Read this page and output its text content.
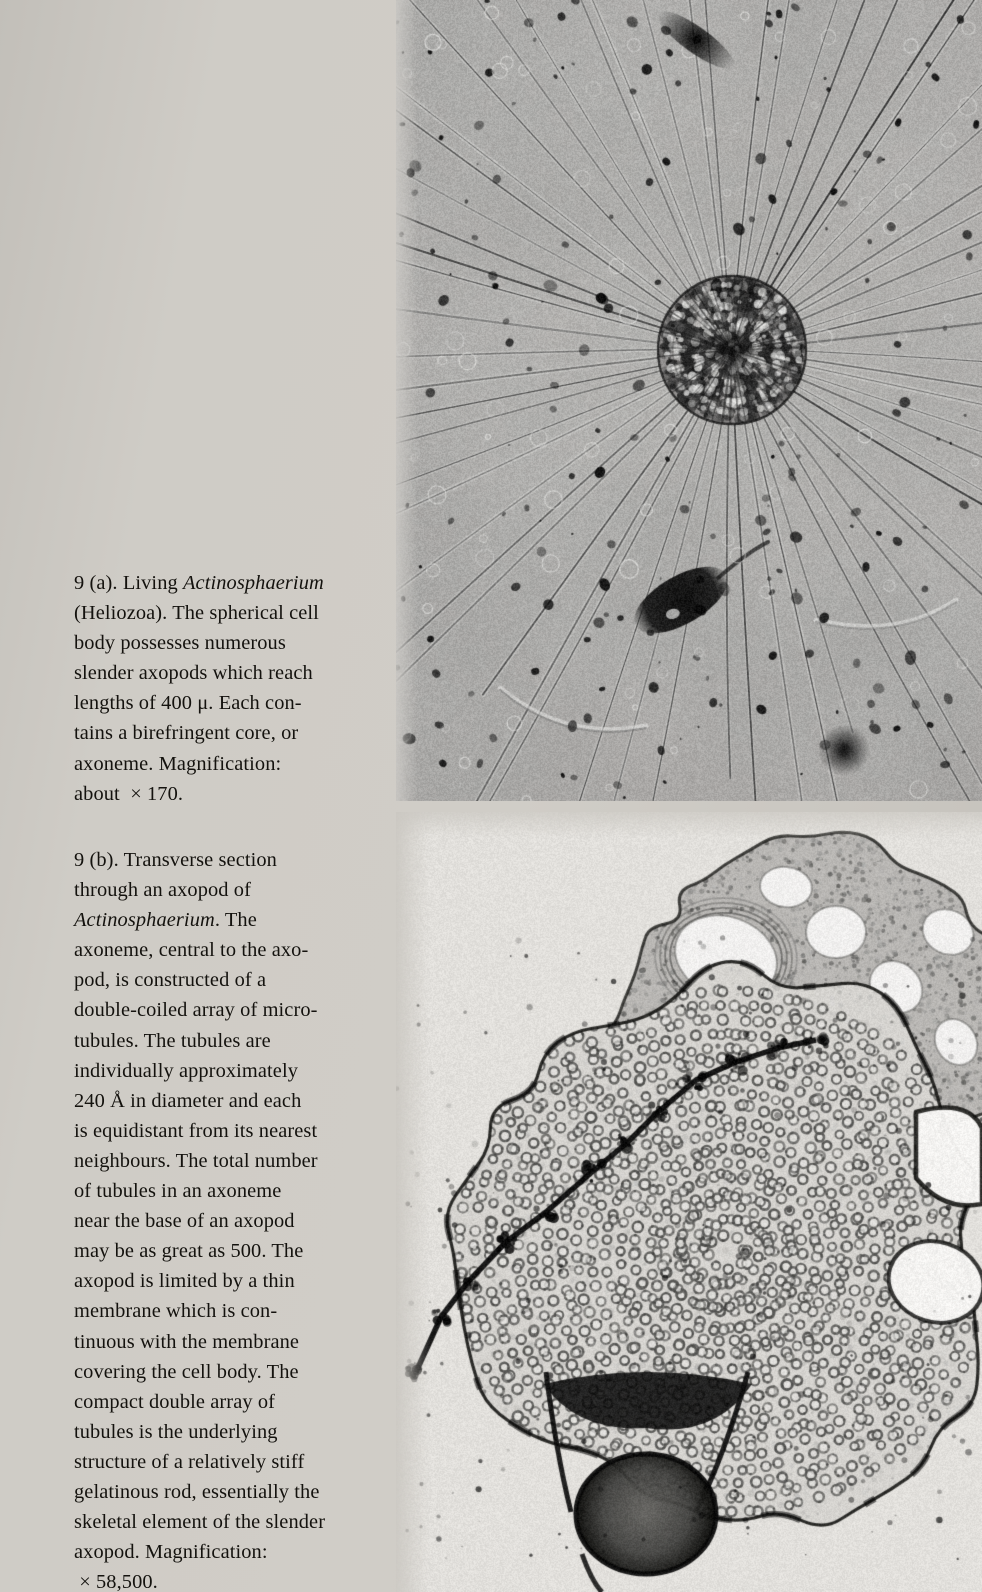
9 (a). Living Actinosphaerium
(Heliozoa). The spherical cell
body possesses numerous
slender axopods which reach
lengths of 400 μ. Each con-
tains a birefringent core, or
axoneme. Magnification:
about  × 170.
9 (b). Transverse section
through an axopod of
Actinosphaerium. The
axoneme, central to the axo-
pod, is constructed of a
double-coiled array of micro-
tubules. The tubules are
individually approximately
240 Å in diameter and each
is equidistant from its nearest
neighbours. The total number
of tubules in an axoneme
near the base of an axopod
may be as great as 500. The
axopod is limited by a thin
membrane which is con-
tinuous with the membrane
covering the cell body. The
compact double array of
tubules is the underlying
structure of a relatively stiff
gelatinous rod, essentially the
skeletal element of the slender
axopod. Magnification:
× 58,500.
